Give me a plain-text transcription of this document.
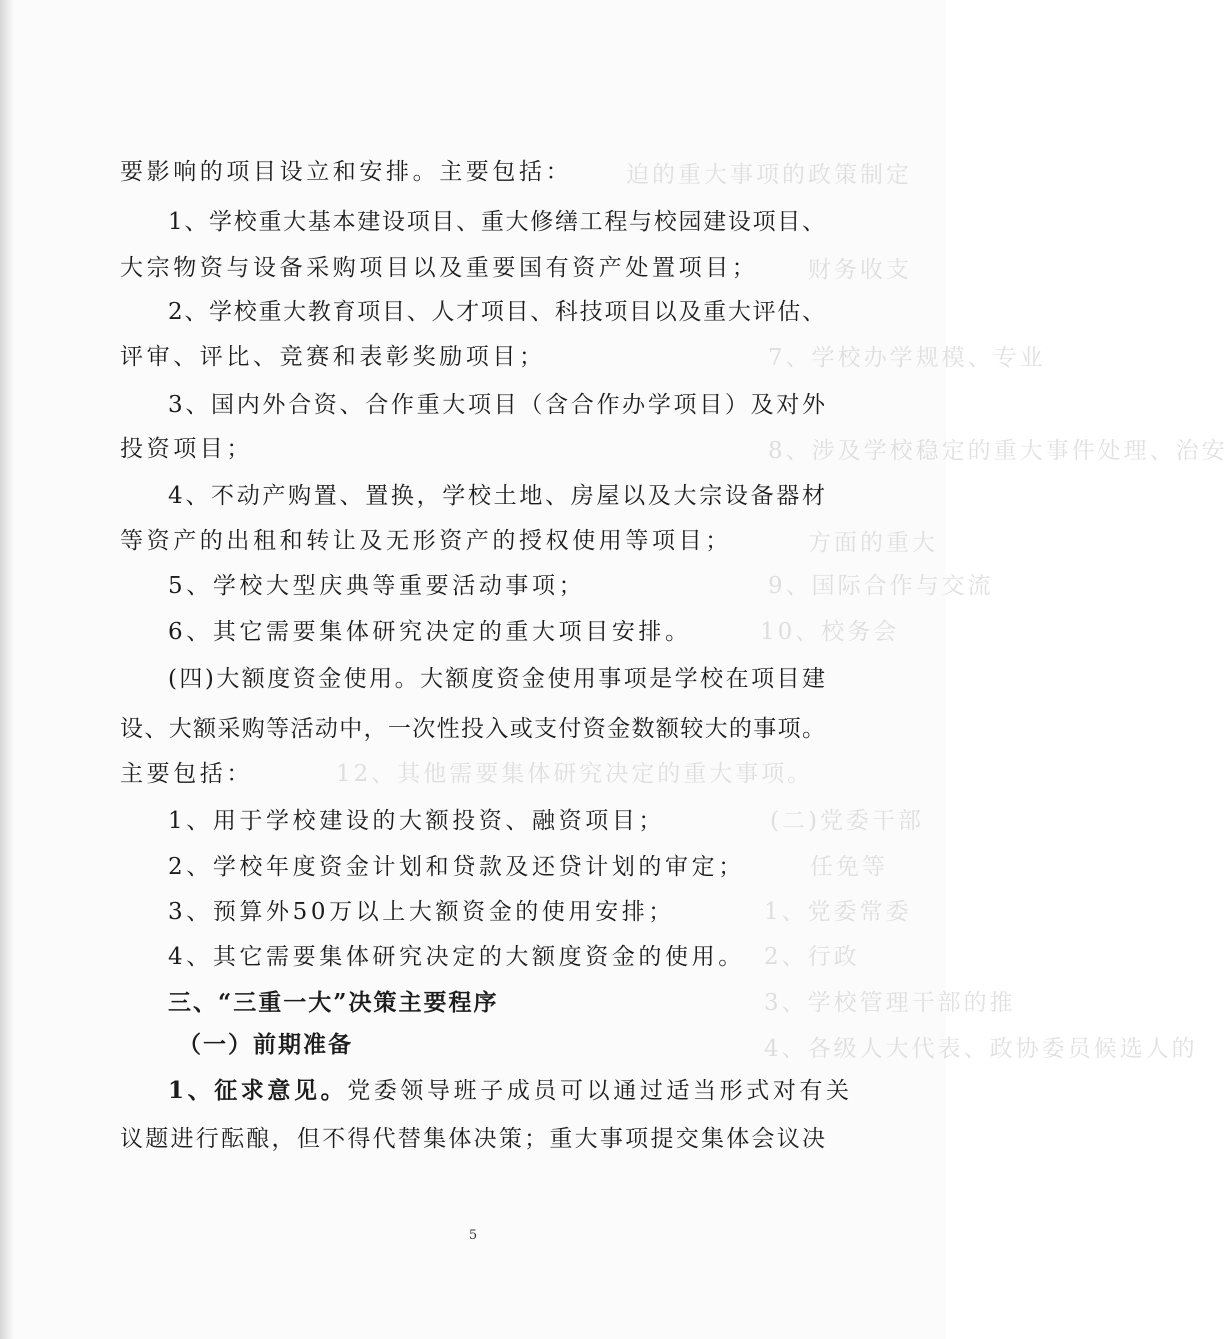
迫的重大事项的政策制定
财务收支
7、学校办学规模、专业
8、涉及学校稳定的重大事件处理、治安
方面的重大
9、国际合作与交流
10、校务会
12、其他需要集体研究决定的重大事项。
(二)党委干部
任免等
1、党委常委
2、行政
3、学校管理干部的推
4、各级人大代表、政协委员候选人的
要影响的项目设立和安排。主要包括：
1、学校重大基本建设项目、重大修缮工程与校园建设项目、
大宗物资与设备采购项目以及重要国有资产处置项目；
2、学校重大教育项目、人才项目、科技项目以及重大评估、
评审、评比、竞赛和表彰奖励项目；
3、国内外合资、合作重大项目（含合作办学项目）及对外
投资项目；
4、不动产购置、置换，学校土地、房屋以及大宗设备器材
等资产的出租和转让及无形资产的授权使用等项目；
5、学校大型庆典等重要活动事项；
6、其它需要集体研究决定的重大项目安排。
(四)大额度资金使用。大额度资金使用事项是学校在项目建
设、大额采购等活动中，一次性投入或支付资金数额较大的事项。
主要包括：
1、用于学校建设的大额投资、融资项目；
2、学校年度资金计划和贷款及还贷计划的审定；
3、预算外50万以上大额资金的使用安排；
4、其它需要集体研究决定的大额度资金的使用。
三、“三重一大”决策主要程序
（一）前期准备
1、征求意见。党委领导班子成员可以通过适当形式对有关
议题进行酝酿，但不得代替集体决策；重大事项提交集体会议决
5
